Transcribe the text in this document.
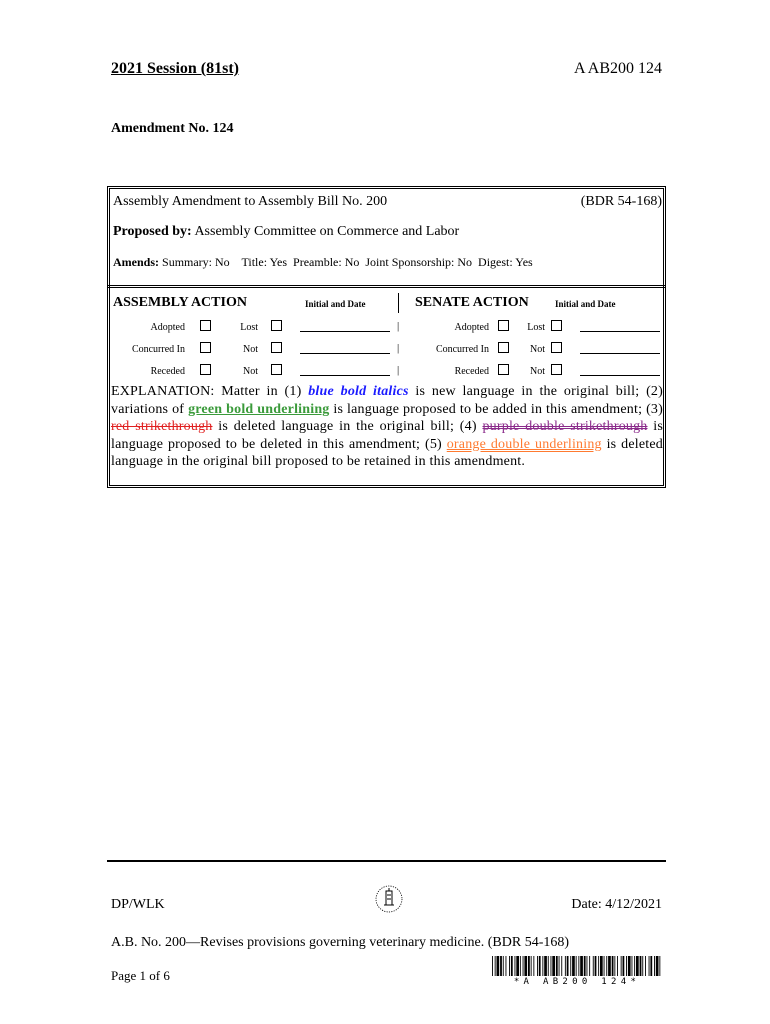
2021 Session (81st)	A AB200 124
Amendment No. 124
Assembly Amendment to Assembly Bill No. 200	(BDR 54-168)
Proposed by: Assembly Committee on Commerce and Labor
Amends: Summary: No    Title: Yes  Preamble: No  Joint Sponsorship: No  Digest: Yes
ASSEMBLY ACTION	Initial and Date	SENATE ACTION	Initial and Date
Adopted	Lost	|
Concurred In	Not	|
Receded	Not	|
Adopted	Lost
Concurred In	Not
Receded	Not
EXPLANATION: Matter in (1) blue bold italics is new language in the original bill; (2) variations of green bold underlining is language proposed to be added in this amendment; (3) red strikethrough is deleted language in the original bill; (4) purple double strikethrough is language proposed to be deleted in this amendment; (5) orange double underlining is deleted language in the original bill proposed to be retained in this amendment.
DP/WLK	Date: 4/12/2021
A.B. No. 200—Revises provisions governing veterinary medicine. (BDR 54-168)
Page 1 of 6	*A AB200 124*
